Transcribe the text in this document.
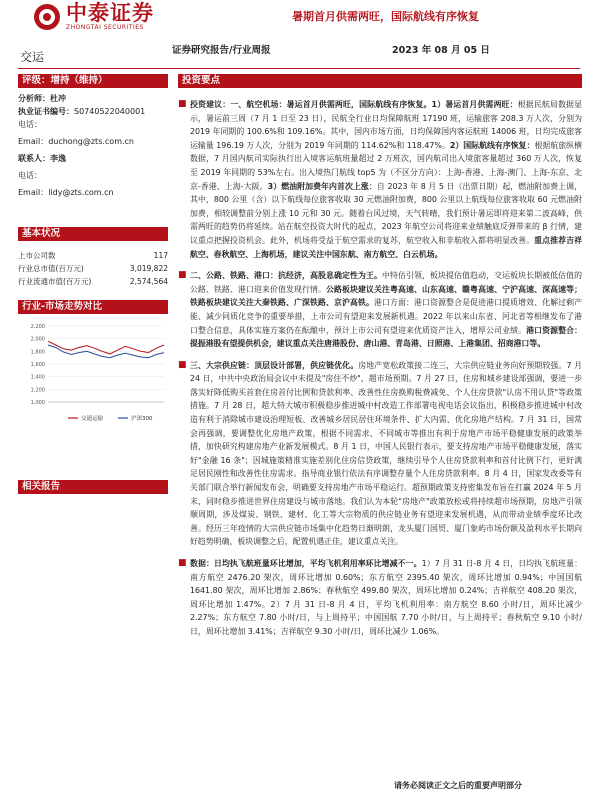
中泰证券
ZHONGTAI SECURITIES
暑期首月供需两旺，国际航线有序恢复
交运	证券研究报告/行业周报	2023 年 08 月 05 日
评级：增持（维持）
分析师：杜冲
执业证书编号：S0740522040001
电话：
Email：duchong@zts.com.cn
联系人：李逸
电话：
Email：lidy@zts.com.cn
基本状况
上市公司数	117
行业总市值(百万元)	3,019,822
行业流通市值(百万元)	2,574,564
行业-市场走势对比
2,200
2,000
1,800
1,600
1,400
1,200
1,000
交通运输	沪深300
相关报告
投资要点
■ 投资建议：一、航空机场：暑运首月供需两旺，国际航线有序恢复。1）暑运首月供需两旺：根据民航局数据显示，暑运前三周（7 月 1 日至 23 日），民航全行业日均保障航班 17190 班，运输旅客 208.3 万人次，分别为 2019 年同期的 100.6%和 109.16%。其中，国内市场方面，日均保障国内客运航班 14006 班，日均完成旅客运输量 196.19 万人次，分别为 2019 年同期的 114.62%和 118.47%。2）国际航线有序恢复：根据航旅纵横数据，7 月国内航司实际执行出入境客运航班量超过 2 万班次，国内航司出入境旅客量超过 360 万人次，恢复至 2019 年同期的 53%左右。出入境热门航线 top5 为（不区分方向）：上海-香港、上海-澳门、上海-东京、北京-香港、上海-大阪。3）燃油附加费年内首次上涨：自 2023 年 8 月 5 日（出票日期）起，燃油附加费上调，其中，800 公里（含）以下航线每位旅客收取 30 元燃油附加费，800 公里以上航线每位旅客收取 60 元燃油附加费，相较调整前分别上涨 10 元和 30 元。随着台风过境，天气转晴，我们预计暑运即将迎来第二波高峰，供需两旺的趋势仍将延续。站在航空投资大时代的起点，2023 年航空公司将迎来业绩触底反弹带来的 β 行情，建议重点把握投资机会。此外，机场将受益于航空需求的复苏，航空收入和非航收入都将明显改善。重点推荐吉祥航空、春秋航空、上海机场，建议关注中国东航、南方航空、白云机场。
■ 二、公路、铁路、港口：抗经济，高股息确定性为王。中特估引领，板块提估值趋动，交运板块长期被低估值的公路、铁路、港口迎来价值发现行情。公路板块建议关注粤高速、山东高速、赣粤高速、宁沪高速、深高速等；铁路板块建议关注大秦铁路、广深铁路、京沪高铁。港口方面：港口资源整合是促进港口提质增效、化解过剩产能、减少同质化竞争的重要举措，上市公司有望迎来发展新机遇。2022 年以来山东省、河北省等相继发布了港口整合信息，具体实施方案仍在酝酿中，预计上市公司有望迎来优质资产注入，增厚公司业绩。港口资源整合：提振港股有望提供机会，建议重点关注唐港股份、唐山港、青岛港、日照港、上港集团、招商港口等。
■ 三、大宗供应链：顶层设计部署，供应链优化。房地产宽松政策接二连三，大宗供应链业务向好预期较强。7 月 24 日，中共中央政治局会议中未提及"房住不炒"，超市场预期。7 月 27 日，住房和城乡建设部强调，要进一步落实好降低购买首套住房首付比例和贷款利率、改善性住房换购税费减免、个人住房贷款"认房不用认贷"等政策措施。7 月 28 日，超大特大城市积极稳步推进城中村改造工作部署电视电话会议指出，积极稳步推进城中村改造有利于消除城市建设治理短板、改善城乡居民居住环境条件、扩大内需、优化房地产结构。7 月 31 日，国常会再强调，要调整优化房地产政策，根据不同需求、不同城市等推出有利于房地产市场平稳健康发展的政策举措，加快研究构建房地产业新发展模式。8 月 1 日，中国人民银行表示，要支持房地产市场平稳健康发展，落实好"金融 16 条"；因城施策精准实施差别化住房信贷政策，继续引导个人住房贷款利率和首付比例下行，更好满足居民刚性和改善性住房需求。指导商业银行依法有序调整存量个人住房贷款利率。8 月 4 日，国家发改委等有关部门联合举行新闻发布会，明确要支持房地产市场平稳运行。超预期政策支持密集发布旨在打赢 2024 年 5 月末，同时稳步推进世界住房建设与城市落地。我们认为本轮"房地产"政策放松或将持续超市场预期，房地产引领顺周期，涉及煤炭、钢铁、建材、化工等大宗物质的供应链业务有望迎来发展机遇，从而带动业绩季度环比改善。经历三年疫情的大宗供应链市场集中化趋势日渐明朗，龙头厦门国贸、厦门象屿市场份额及盈利水平长期向好趋势明确，板块调整之后，配置机遇正佳，建议重点关注。
■ 数据：日均执飞航班量环比增加，平均飞机利用率环比增减不一。1）7 月 31 日-8 月 4 日，日均执飞航班量：南方航空 2476.20 架次，周环比增加 0.60%；东方航空 2395.40 架次，周环比增加 0.94%；中国国航 1641.80 架次，周环比增加 2.86%；春秋航空 499.80 架次，周环比增加 0.24%；吉祥航空 408.20 架次，周环比增加 1.47%。2）7 月 31 日-8 月 4 日，平均飞机利用率：南方航空 8.60 小时/日，周环比减少 2.27%；东方航空 7.80 小时/日，与上周持平；中国国航 7.70 小时/日，与上周持平；春秋航空 9.10 小时/日，周环比增加 3.41%；吉祥航空 9.30 小时/日，周环比减少 1.06%。
请务必阅读正文之后的重要声明部分
